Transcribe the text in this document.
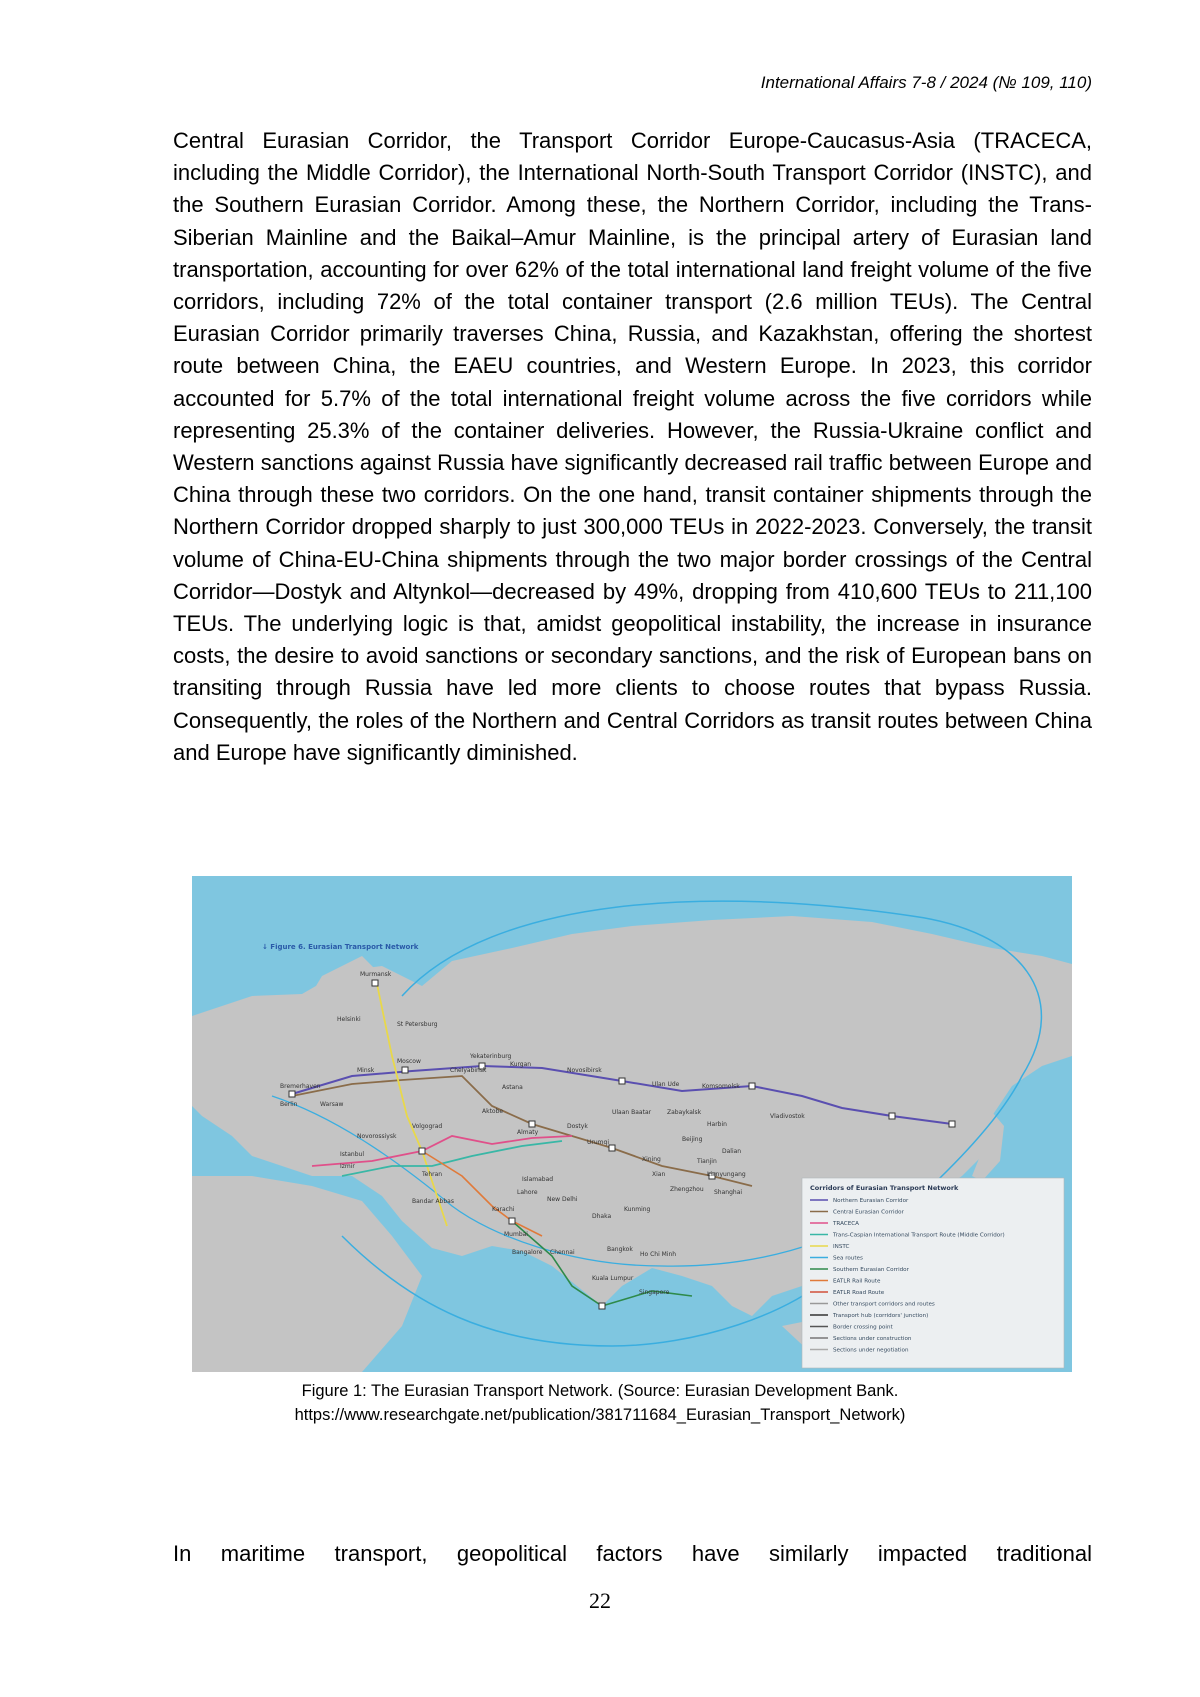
International Affairs 7-8 / 2024 (№ 109, 110)
Central Eurasian Corridor, the Transport Corridor Europe-Caucasus-Asia (TRACECA, including the Middle Corridor), the International North-South Transport Corridor (INSTC), and the Southern Eurasian Corridor. Among these, the Northern Corridor, including the Trans-Siberian Mainline and the Baikal–Amur Mainline, is the principal artery of Eurasian land transportation, accounting for over 62% of the total international land freight volume of the five corridors, including 72% of the total container transport (2.6 million TEUs). The Central Eurasian Corridor primarily traverses China, Russia, and Kazakhstan, offering the shortest route between China, the EAEU countries, and Western Europe. In 2023, this corridor accounted for 5.7% of the total international freight volume across the five corridors while representing 25.3% of the container deliveries. However, the Russia-Ukraine conflict and Western sanctions against Russia have significantly decreased rail traffic between Europe and China through these two corridors. On the one hand, transit container shipments through the Northern Corridor dropped sharply to just 300,000 TEUs in 2022-2023. Conversely, the transit volume of China-EU-China shipments through the two major border crossings of the Central Corridor—Dostyk and Altynkol—decreased by 49%, dropping from 410,600 TEUs to 211,100 TEUs. The underlying logic is that, amidst geopolitical instability, the increase in insurance costs, the desire to avoid sanctions or secondary sanctions, and the risk of European bans on transiting through Russia have led more clients to choose routes that bypass Russia. Consequently, the roles of the Northern and Central Corridors as transit routes between China and Europe have significantly diminished.
↓ Figure 6. Eurasian Transport Network
Murmansk
Helsinki
St Petersburg
Moscow
Minsk
Bremerhaven
Berlin	Warsaw
Yekaterinburg
Chelyabinsk
Kurgan
Novosibirsk
Astana	Ulan Ude	Komsomolsk
Ulaan Baatar	Zabaykalsk
Harbin
Vladivostok
Volgograd
Aktobe
Almaty
Dostyk
Urumqi
Xining
Beijing
Dalian
Tianjin
Lianyungang
Shanghai
Xian
Zhengzhou
Novorossiysk
Istanbul
Izmir
Tehran
Bandar Abbas
Karachi
Lahore
Islamabad
New Delhi
Mumbai
Chennai
Bangalore
Dhaka
Kunming
Bangkok
Ho Chi Minh
Kuala Lumpur
Singapore
Corridors of Eurasian Transport Network
Northern Eurasian Corridor
Central Eurasian Corridor
TRACECA
Trans-Caspian International Transport Route (Middle Corridor)
INSTC
Sea routes
Southern Eurasian Corridor
EATLR Rail Route
EATLR Road Route
Other transport corridors and routes
Transport hub (corridors' junction)
Border crossing point
Sections under construction
Sections under negotiation
Figure 1: The Eurasian Transport Network. (Source: Eurasian Development Bank.
https://www.researchgate.net/publication/381711684_Eurasian_Transport_Network)
In maritime transport, geopolitical factors have similarly impacted traditional
22
